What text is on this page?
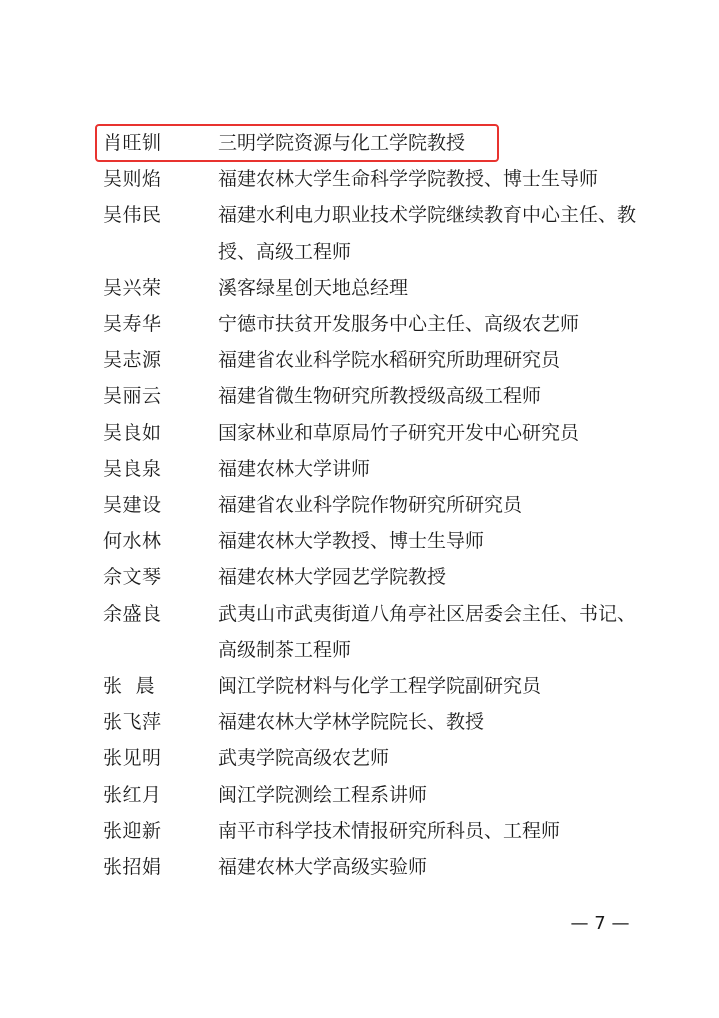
肖旺钏	三明学院资源与化工学院教授
吴则焰	福建农林大学生命科学学院教授、博士生导师
吴伟民	福建水利电力职业技术学院继续教育中心主任、教
授、高级工程师
吴兴荣	溪客绿星创天地总经理
吴寿华	宁德市扶贫开发服务中心主任、高级农艺师
吴志源	福建省农业科学院水稻研究所助理研究员
吴丽云	福建省微生物研究所教授级高级工程师
吴良如	国家林业和草原局竹子研究开发中心研究员
吴良泉	福建农林大学讲师
吴建设	福建省农业科学院作物研究所研究员
何水林	福建农林大学教授、博士生导师
佘文琴	福建农林大学园艺学院教授
余盛良	武夷山市武夷街道八角亭社区居委会主任、书记、
高级制茶工程师
张  晨	闽江学院材料与化学工程学院副研究员
张飞萍	福建农林大学林学院院长、教授
张见明	武夷学院高级农艺师
张红月	闽江学院测绘工程系讲师
张迎新	南平市科学技术情报研究所科员、工程师
张招娟	福建农林大学高级实验师
— 7 —
